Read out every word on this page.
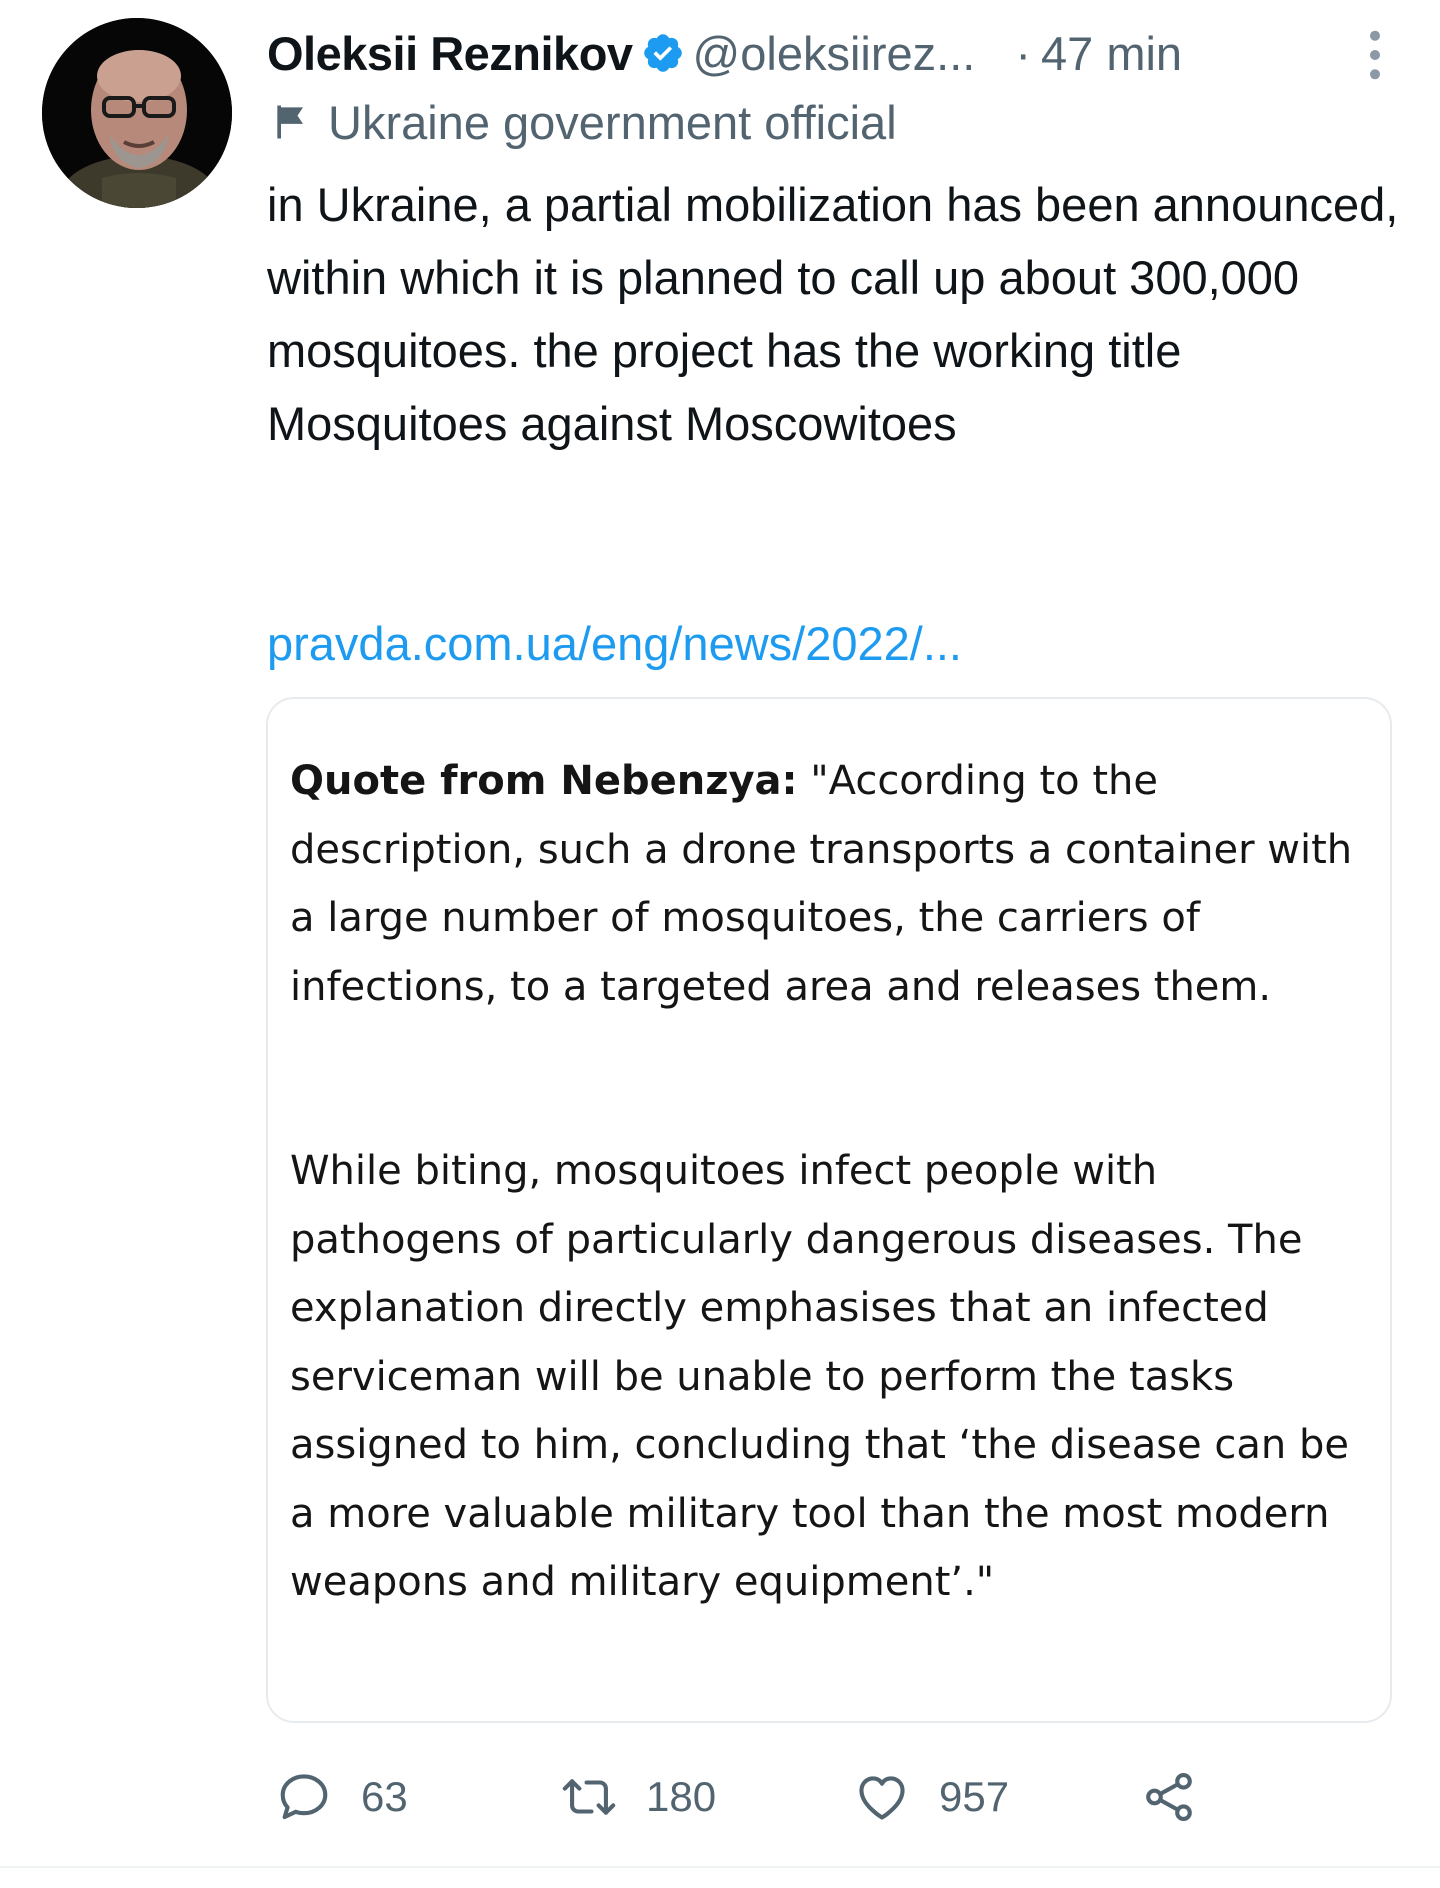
Oleksii Reznikov @oleksiirez... · 47 min
Ukraine government official

in Ukraine, a partial mobilization has been announced, within which it is planned to call up about 300,000 mosquitoes. the project has the working title Mosquitoes against Moscowitoes

pravda.com.ua/eng/news/2022/...

Quote from Nebenzya: "According to the description, such a drone transports a container with a large number of mosquitoes, the carriers of infections, to a targeted area and releases them.

While biting, mosquitoes infect people with pathogens of particularly dangerous diseases. The explanation directly emphasises that an infected serviceman will be unable to perform the tasks assigned to him, concluding that ‘the disease can be a more valuable military tool than the most modern weapons and military equipment’."

63	180	957
